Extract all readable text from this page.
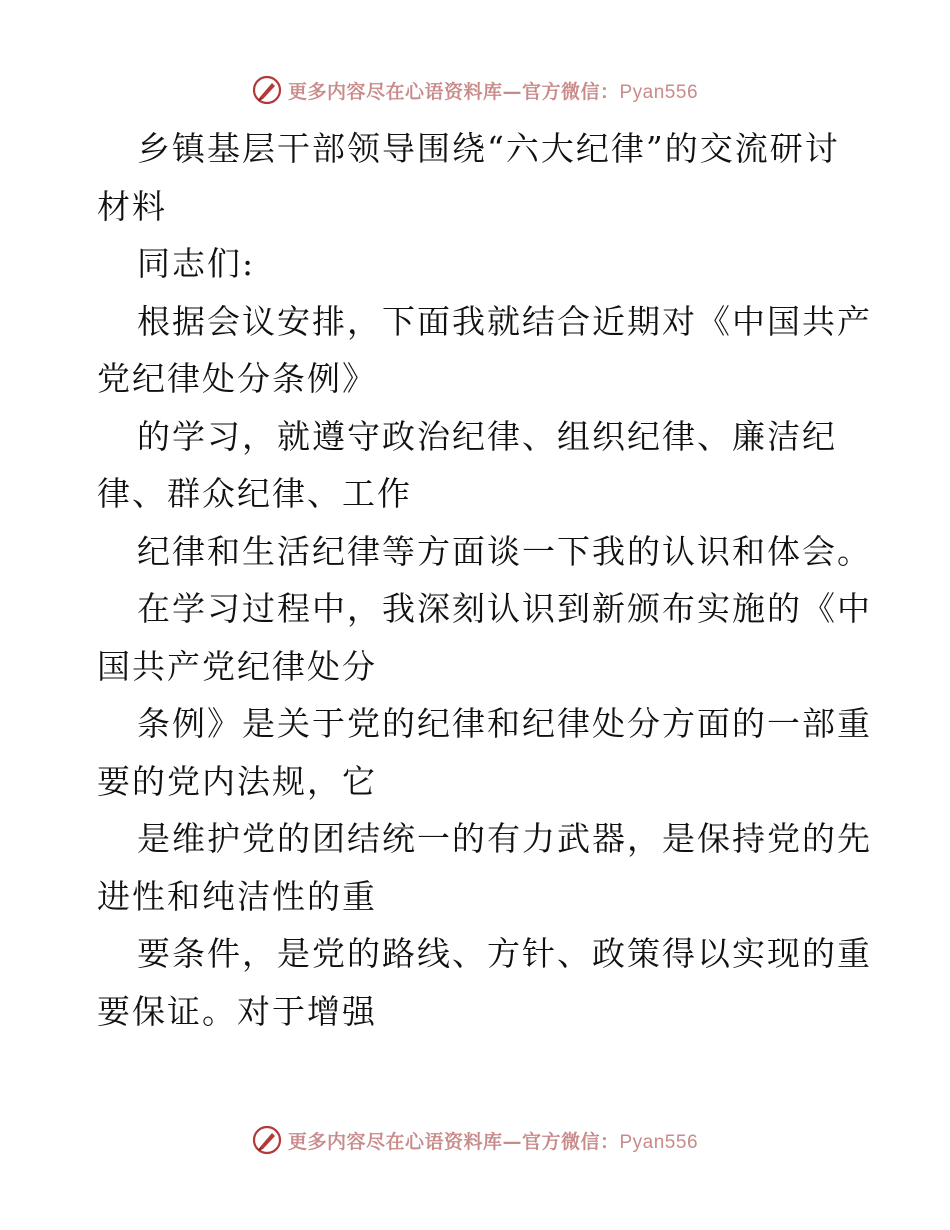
更多内容尽在心语资料库—官方微信：Pyan556
乡镇基层干部领导围绕“六大纪律”的交流研讨
材料
同志们:
根据会议安排，下面我就结合近期对《中国共产
党纪律处分条例》
的学习，就遵守政治纪律、组织纪律、廉洁纪
律、群众纪律、工作
纪律和生活纪律等方面谈一下我的认识和体会。
在学习过程中，我深刻认识到新颁布实施的《中
国共产党纪律处分
条例》是关于党的纪律和纪律处分方面的一部重
要的党内法规，它
是维护党的团结统一的有力武器，是保持党的先
进性和纯洁性的重
要条件，是党的路线、方针、政策得以实现的重
要保证。对于增强
更多内容尽在心语资料库—官方微信：Pyan556
